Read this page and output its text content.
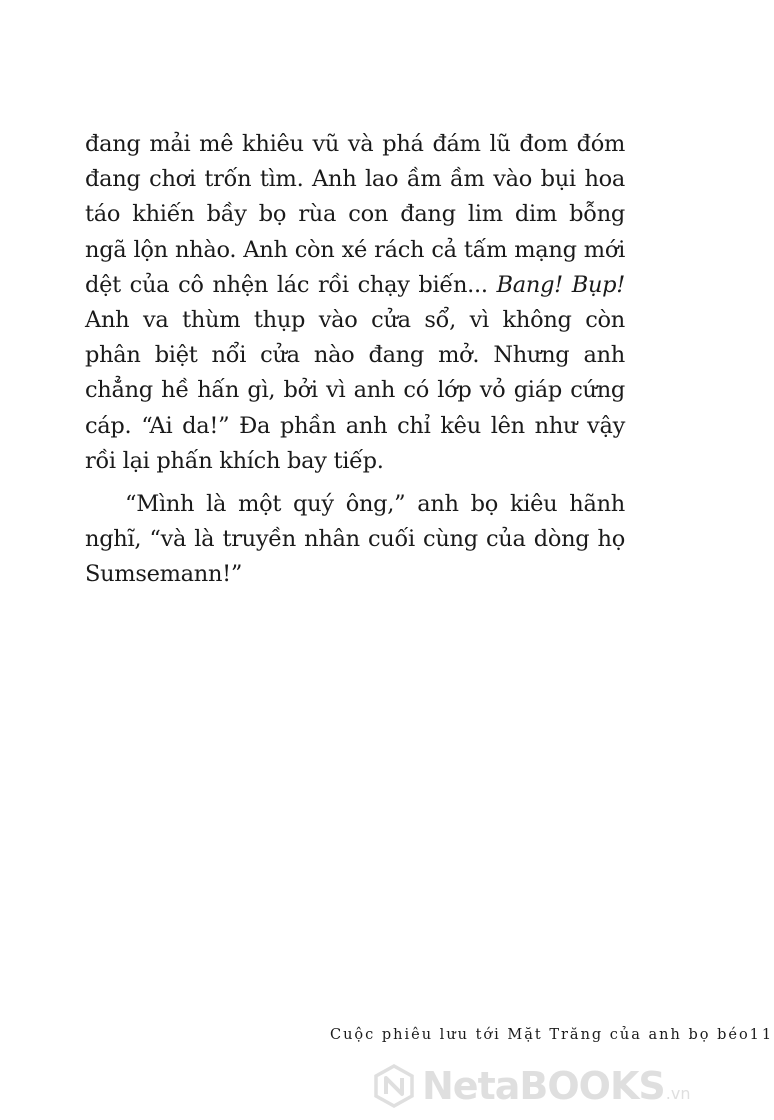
đang mải mê khiêu vũ và phá đám lũ đom đóm đang chơi trốn tìm. Anh lao ầm ầm vào bụi hoa táo khiến bầy bọ rùa con đang lim dim bỗng ngã lộn nhào. Anh còn xé rách cả tấm mạng mới dệt của cô nhện lác rồi chạy biến... Bang! Bụp! Anh va thùm thụp vào cửa sổ, vì không còn phân biệt nổi cửa nào đang mở. Nhưng anh chẳng hề hấn gì, bởi vì anh có lớp vỏ giáp cứng cáp. “Ai da!” Đa phần anh chỉ kêu lên như vậy rồi lại phấn khích bay tiếp.

“Mình là một quý ông,” anh bọ kiêu hãnh nghĩ, “và là truyền nhân cuối cùng của dòng họ Sumsemann!”

Cuộc phiêu lưu tới Mặt Trăng của anh bọ béo 11
NetaBOOKS.vn
